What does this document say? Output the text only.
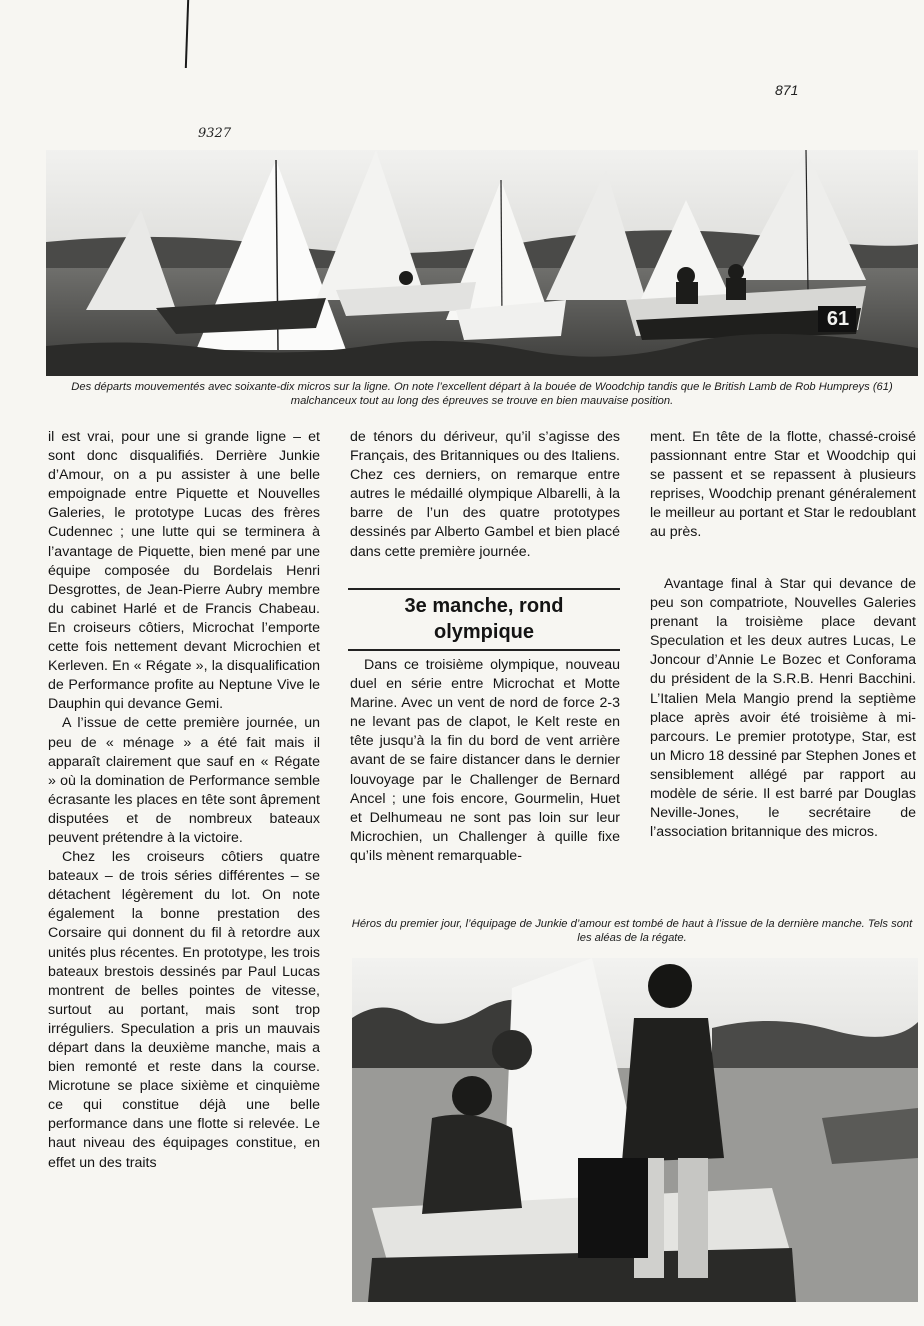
9327
871
61
Des départs mouvementés avec soixante-dix micros sur la ligne. On note l’excellent départ à la bouée de Woodchip tandis que le British Lamb de Rob Humpreys (61) malchanceux tout au long des épreuves se trouve en bien mauvaise position.

il est vrai, pour une si grande ligne – et sont donc disqualifiés. Derrière Junkie d’Amour, on a pu assister à une belle empoignade entre Piquette et Nouvelles Galeries, le prototype Lucas des frères Cudennec ; une lutte qui se terminera à l’avantage de Piquette, bien mené par une équipe composée du Bordelais Henri Desgrottes, de Jean-Pierre Aubry membre du cabinet Harlé et de Francis Chabeau. En croiseurs côtiers, Microchat l’emporte cette fois nettement devant Microchien et Kerleven. En « Régate », la disqualification de Performance profite au Neptune Vive le Dauphin qui devance Gemi.

A l’issue de cette première journée, un peu de « ménage » a été fait mais il apparaît clairement que sauf en « Régate » où la domination de Performance semble écrasante les places en tête sont âprement disputées et de nombreux bateaux peuvent prétendre à la victoire.

Chez les croiseurs côtiers quatre bateaux – de trois séries différentes – se détachent légèrement du lot. On note également la bonne prestation des Corsaire qui donnent du fil à retordre aux unités plus récentes. En prototype, les trois bateaux brestois dessinés par Paul Lucas montrent de belles pointes de vitesse, surtout au portant, mais sont trop irréguliers. Speculation a pris un mauvais départ dans la deuxième manche, mais a bien remonté et reste dans la course. Microtune se place sixième et cinquième ce qui constitue déjà une belle performance dans une flotte si relevée. Le haut niveau des équipages constitue, en effet un des traits

de ténors du dériveur, qu’il s’agisse des Français, des Britanniques ou des Italiens. Chez ces derniers, on remarque entre autres le médaillé olympique Albarelli, à la barre de l’un des quatre prototypes dessinés par Alberto Gambel et bien placé dans cette première journée.

3e manche, rond
olympique

Dans ce troisième olympique, nouveau duel en série entre Microchat et Motte Marine. Avec un vent de nord de force 2-3 ne levant pas de clapot, le Kelt reste en tête jusqu’à la fin du bord de vent arrière avant de se faire distancer dans le dernier louvoyage par le Challenger de Bernard Ancel ; une fois encore, Gourmelin, Huet et Delhumeau ne sont pas loin sur leur Microchien, un Challenger à quille fixe qu’ils mènent remarquable-

ment. En tête de la flotte, chassé-croisé passionnant entre Star et Woodchip qui se passent et se repassent à plusieurs reprises, Woodchip prenant généralement le meilleur au portant et Star le redoublant au près.

Avantage final à Star qui devance de peu son compatriote, Nouvelles Galeries prenant la troisième place devant Speculation et les deux autres Lucas, Le Joncour d’Annie Le Bozec et Conforama du président de la S.R.B. Henri Bacchini. L’Italien Mela Mangio prend la septième place après avoir été troisième à mi-parcours. Le premier prototype, Star, est un Micro 18 dessiné par Stephen Jones et sensiblement allégé par rapport au modèle de série. Il est barré par Douglas Neville-Jones, le secrétaire de l’association britannique des micros.

Héros du premier jour, l’équipage de Junkie d’amour est tombé de haut à l’issue de la dernière manche. Tels sont les aléas de la régate.
